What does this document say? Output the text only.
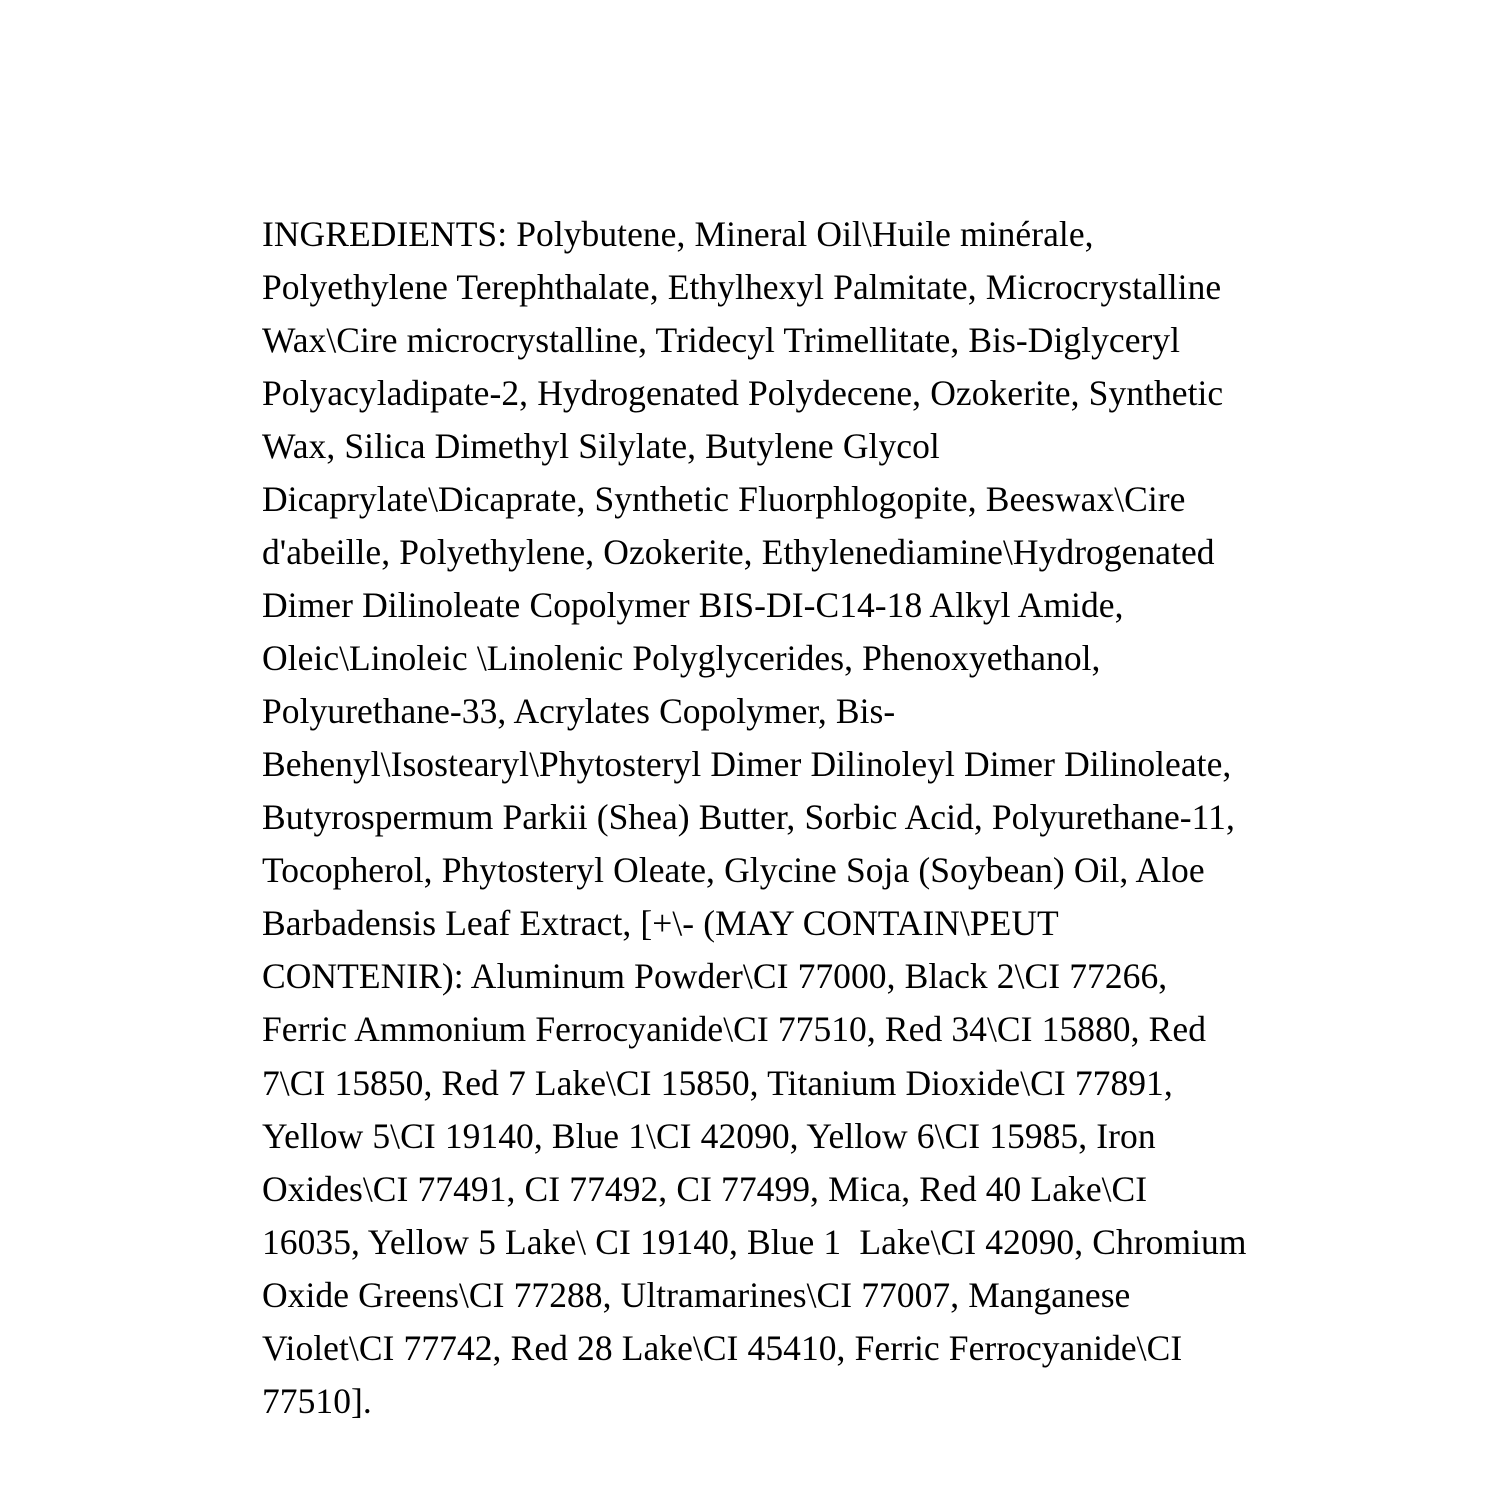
INGREDIENTS: Polybutene, Mineral Oil\Huile minérale, Polyethylene Terephthalate, Ethylhexyl Palmitate, Microcrystalline Wax\Cire microcrystalline, Tridecyl Trimellitate, Bis-Diglyceryl Polyacyladipate-2, Hydrogenated Polydecene, Ozokerite, Synthetic Wax, Silica Dimethyl Silylate, Butylene Glycol Dicaprylate\Dicaprate, Synthetic Fluorphlogopite, Beeswax\Cire d'abeille, Polyethylene, Ozokerite, Ethylenediamine\Hydrogenated Dimer Dilinoleate Copolymer BIS-DI-C14-18 Alkyl Amide, Oleic\Linoleic \Linolenic Polyglycerides, Phenoxyethanol, Polyurethane-33, Acrylates Copolymer, Bis-Behenyl\Isostearyl\Phytosteryl Dimer Dilinoleyl Dimer Dilinoleate, Butyrospermum Parkii (Shea) Butter, Sorbic Acid, Polyurethane-11, Tocopherol, Phytosteryl Oleate, Glycine Soja (Soybean) Oil, Aloe Barbadensis Leaf Extract, [+\- (MAY CONTAIN\PEUT CONTENIR): Aluminum Powder\CI 77000, Black 2\CI 77266, Ferric Ammonium Ferrocyanide\CI 77510, Red 34\CI 15880, Red 7\CI 15850, Red 7 Lake\CI 15850, Titanium Dioxide\CI 77891, Yellow 5\CI 19140, Blue 1\CI 42090, Yellow 6\CI 15985, Iron Oxides\CI 77491, CI 77492, CI 77499, Mica, Red 40 Lake\CI 16035, Yellow 5 Lake\ CI 19140, Blue 1  Lake\CI 42090, Chromium Oxide Greens\CI 77288, Ultramarines\CI 77007, Manganese Violet\CI 77742, Red 28 Lake\CI 45410, Ferric Ferrocyanide\CI 77510].
